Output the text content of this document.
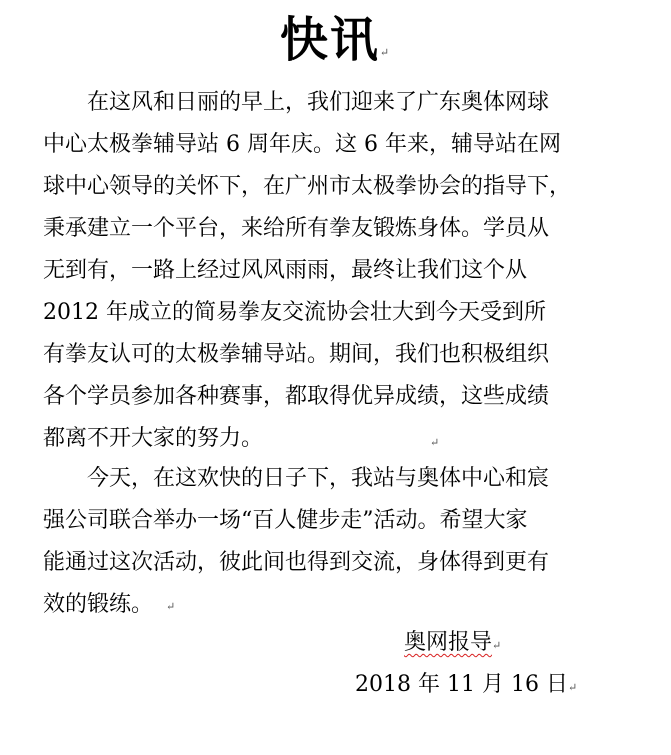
快讯↵
　　在这风和日丽的早上，我们迎来了广东奥体网球
中心太极拳辅导站 6 周年庆。这 6 年来，辅导站在网
球中心领导的关怀下，在广州市太极拳协会的指导下，
秉承建立一个平台，来给所有拳友锻炼身体。学员从
无到有，一路上经过风风雨雨，最终让我们这个从
2012 年成立的简易拳友交流协会壮大到今天受到所
有拳友认可的太极拳辅导站。期间，我们也积极组织
各个学员参加各种赛事，都取得优异成绩，这些成绩
都离不开大家的努力。	↵
　　今天，在这欢快的日子下，我站与奥体中心和宸
强公司联合举办一场“百人健步走”活动。希望大家
能通过这次活动，彼此间也得到交流，身体得到更有
效的锻练。 ↵
奥网报导↵
2018 年 11 月 16 日↵
